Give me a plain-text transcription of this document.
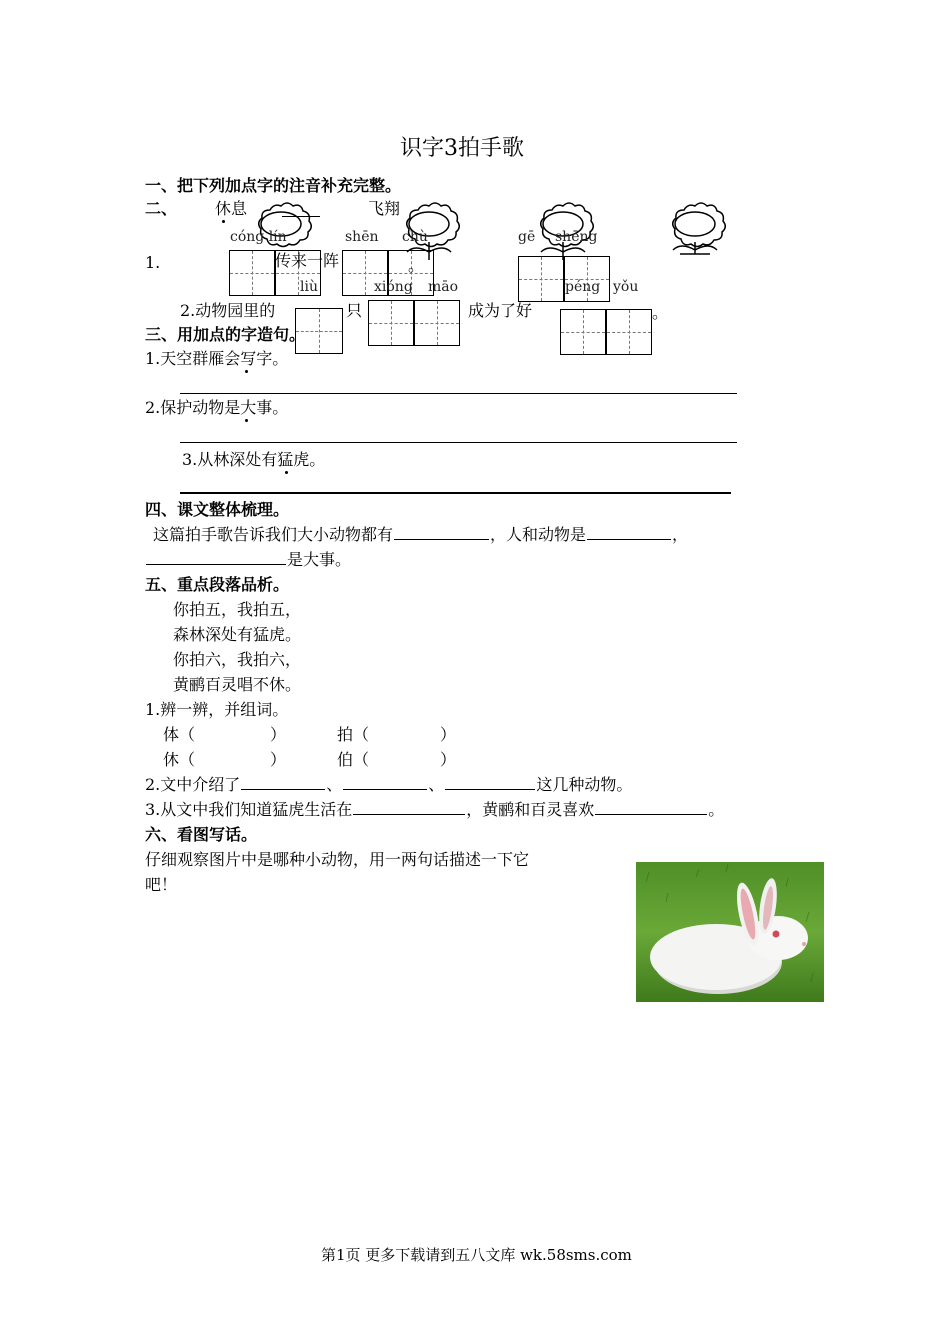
识字3拍手歌
一、把下列加点字的注音补充完整。
二、 休息	飞翔
cóng lín	shēn chù	gē shēng
1.	传来一阵	。
liù	xióng māo	péng yǒu
2.动物园里的	只	成为了好	。
三、用加点的字造句。
1.天空群雁会写字。
2.保护动物是大事。
3.从林深处有猛虎。
四、课文整体梳理。
这篇拍手歌告诉我们大小动物都有	，人和动物是	，
是大事。
五、重点段落品析。
你拍五，我拍五，
森林深处有猛虎。
你拍六，我拍六，
黄鹂百灵唱不休。
1.辨一辨，并组词。
体（	）	拍（	）
休（	）	伯（	）
2.文中介绍了	、	、	这几种动物。
3.从文中我们知道猛虎生活在	，黄鹂和百灵喜欢	。
六、看图写话。
仔细观察图片中是哪种小动物，用一两句话描述一下它
吧！
第1页 更多下载请到五八文库 wk.58sms.com
